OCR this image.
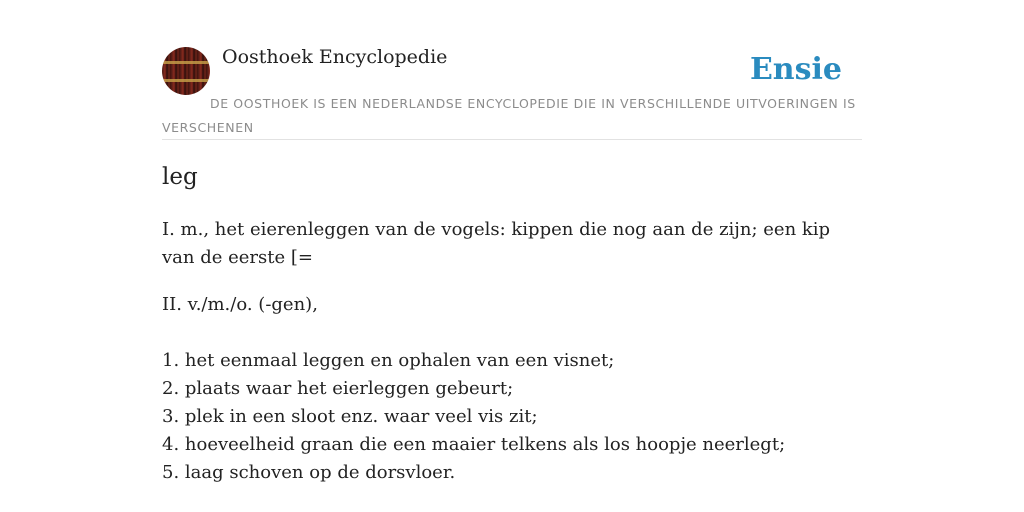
Oosthoek Encyclopedie	Ensie
DE OOSTHOEK IS EEN NEDERLANDSE ENCYCLOPEDIE DIE IN VERSCHILLENDE UITVOERINGEN IS VERSCHENEN
leg

I. m., het eierenleggen van de vogels: kippen die nog aan de zijn; een kip van de eerste [=

II. v./m./o. (-gen),

1. het eenmaal leggen en ophalen van een visnet;
2. plaats waar het eierleggen gebeurt;
3. plek in een sloot enz. waar veel vis zit;
4. hoeveelheid graan die een maaier telkens als los hoopje neerlegt;
5. laag schoven op de dorsvloer.
